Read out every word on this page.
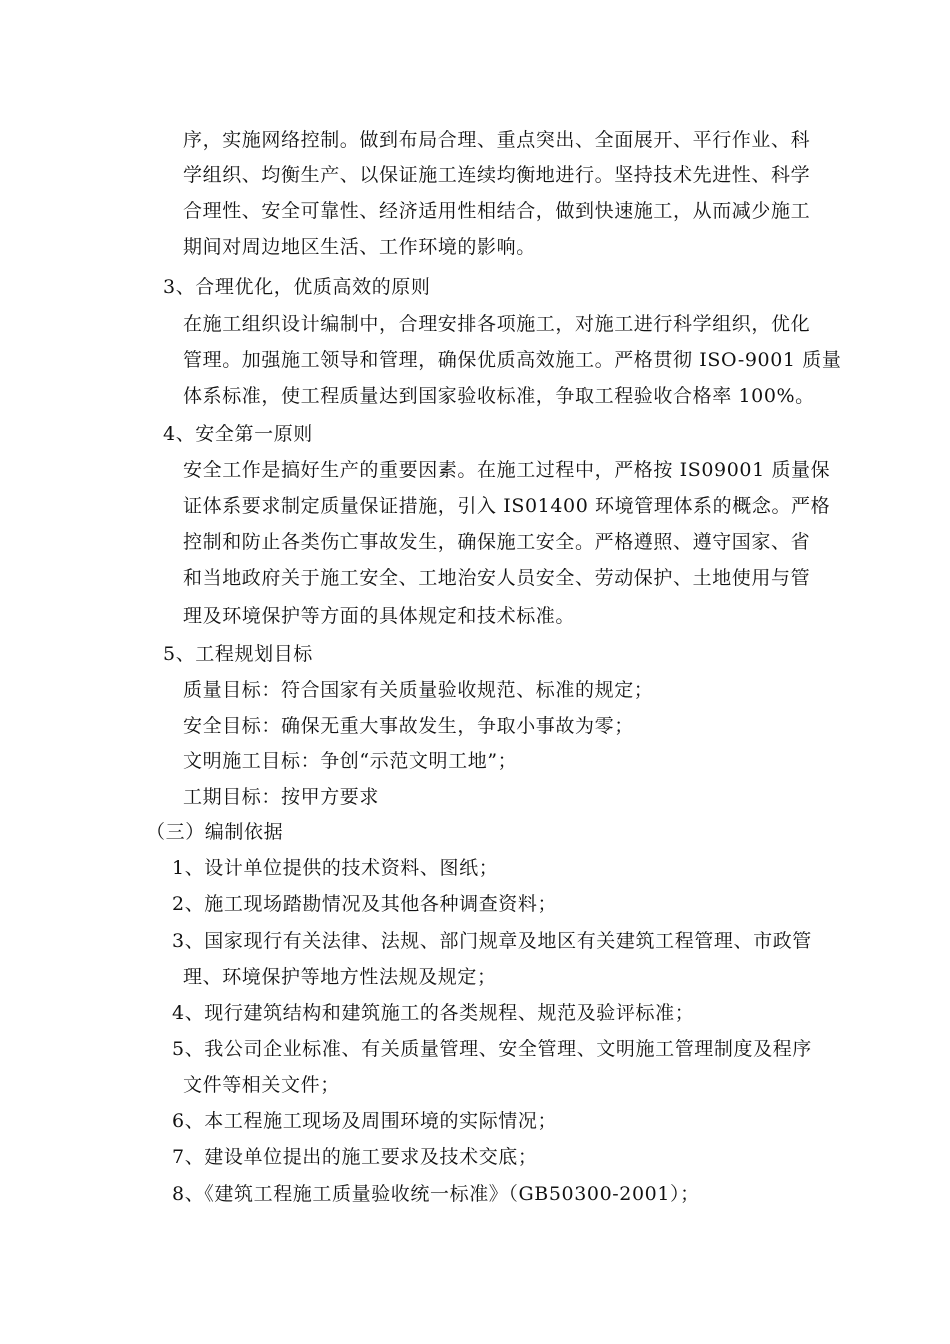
序，实施网络控制。做到布局合理、重点突出、全面展开、平行作业、科
学组织、均衡生产、以保证施工连续均衡地进行。坚持技术先进性、科学
合理性、安全可靠性、经济适用性相结合，做到快速施工，从而减少施工
期间对周边地区生活、工作环境的影响。
3、合理优化，优质高效的原则
在施工组织设计编制中，合理安排各项施工，对施工进行科学组织，优化
管理。加强施工领导和管理，确保优质高效施工。严格贯彻 ISO-9001 质量
体系标准，使工程质量达到国家验收标准，争取工程验收合格率 100%。
4、安全第一原则
安全工作是搞好生产的重要因素。在施工过程中，严格按 IS09001 质量保
证体系要求制定质量保证措施，引入 IS01400 环境管理体系的概念。严格
控制和防止各类伤亡事故发生，确保施工安全。严格遵照、遵守国家、省
和当地政府关于施工安全、工地治安人员安全、劳动保护、土地使用与管
理及环境保护等方面的具体规定和技术标准。
5、工程规划目标
质量目标：符合国家有关质量验收规范、标准的规定；
安全目标：确保无重大事故发生，争取小事故为零；
文明施工目标：争创“示范文明工地”；
工期目标：按甲方要求
（三）编制依据
1、设计单位提供的技术资料、图纸；
2、施工现场踏勘情况及其他各种调查资料；
3、国家现行有关法律、法规、部门规章及地区有关建筑工程管理、市政管
理、环境保护等地方性法规及规定；
4、现行建筑结构和建筑施工的各类规程、规范及验评标准；
5、我公司企业标准、有关质量管理、安全管理、文明施工管理制度及程序
文件等相关文件；
6、本工程施工现场及周围环境的实际情况；
7、建设单位提出的施工要求及技术交底；
8、《建筑工程施工质量验收统一标准》（GB50300-2001）；
